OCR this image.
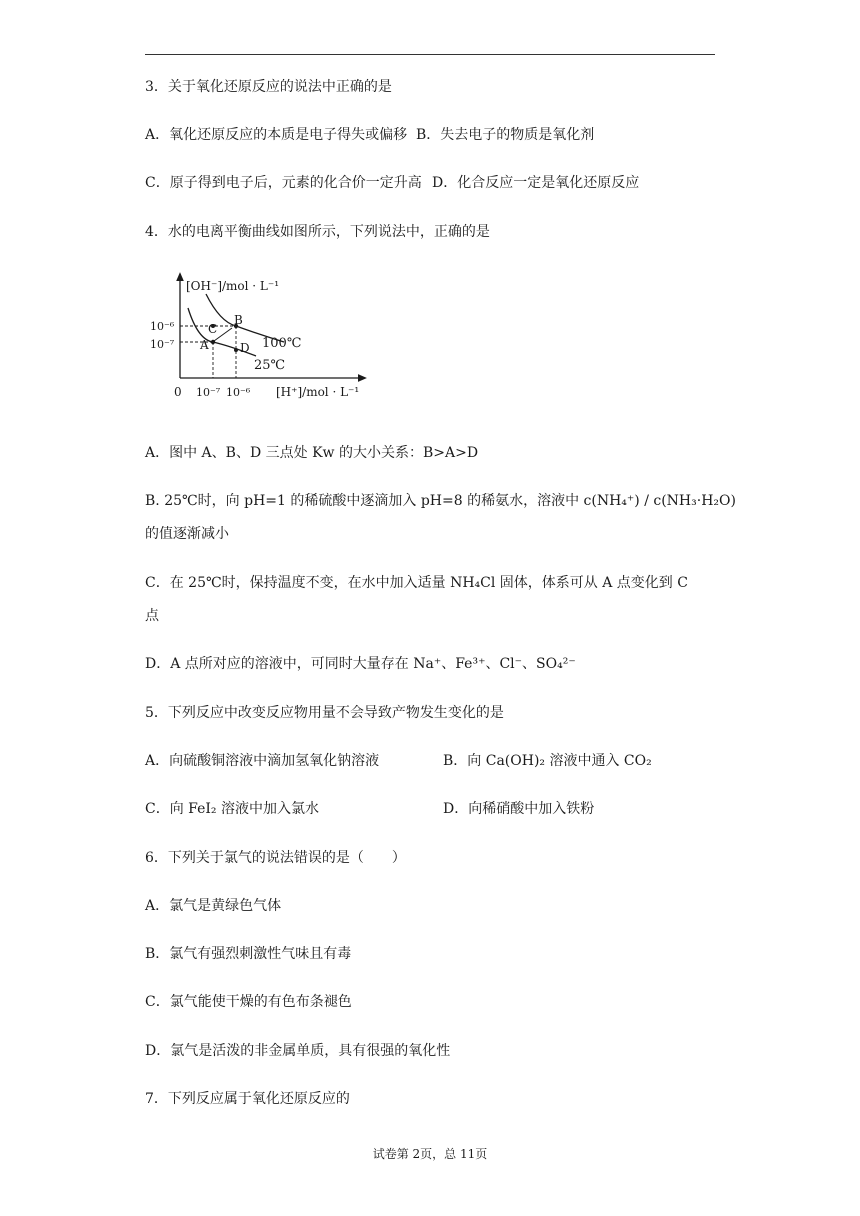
3．关于氧化还原反应的说法中正确的是
A．氧化还原反应的本质是电子得失或偏移 B．失去电子的物质是氧化剂
C．原子得到电子后，元素的化合价一定升高 D．化合反应一定是氧化还原反应
4．水的电离平衡曲线如图所示，下列说法中，正确的是
[OH⁻]/mol · L⁻¹
[H⁺]/mol · L⁻¹
0
10⁻⁶
10⁻⁷
10⁻⁷ 10⁻⁶
100℃
25℃
A
B
C
D
A．图中 A、B、D 三点处 Kw 的大小关系：B>A>D
B. 25℃时，向 pH=1 的稀硫酸中逐滴加入 pH=8 的稀氨水，溶液中 c(NH₄⁺) / c(NH₃·H₂O)
的值逐渐减小
C．在 25℃时，保持温度不变，在水中加入适量 NH₄Cl 固体，体系可从 A 点变化到 C
点
D．A 点所对应的溶液中，可同时大量存在 Na⁺、Fe³⁺、Cl⁻、SO₄²⁻
5．下列反应中改变反应物用量不会导致产物发生变化的是
A．向硫酸铜溶液中滴加氢氧化钠溶液	B．向 Ca(OH)₂ 溶液中通入 CO₂
C．向 FeI₂ 溶液中加入氯水	D．向稀硝酸中加入铁粉
6．下列关于氯气的说法错误的是（　　）
A．氯气是黄绿色气体
B．氯气有强烈刺激性气味且有毒
C．氯气能使干燥的有色布条褪色
D．氯气是活泼的非金属单质，具有很强的氧化性
7．下列反应属于氧化还原反应的
试卷第 2页，总 11页
